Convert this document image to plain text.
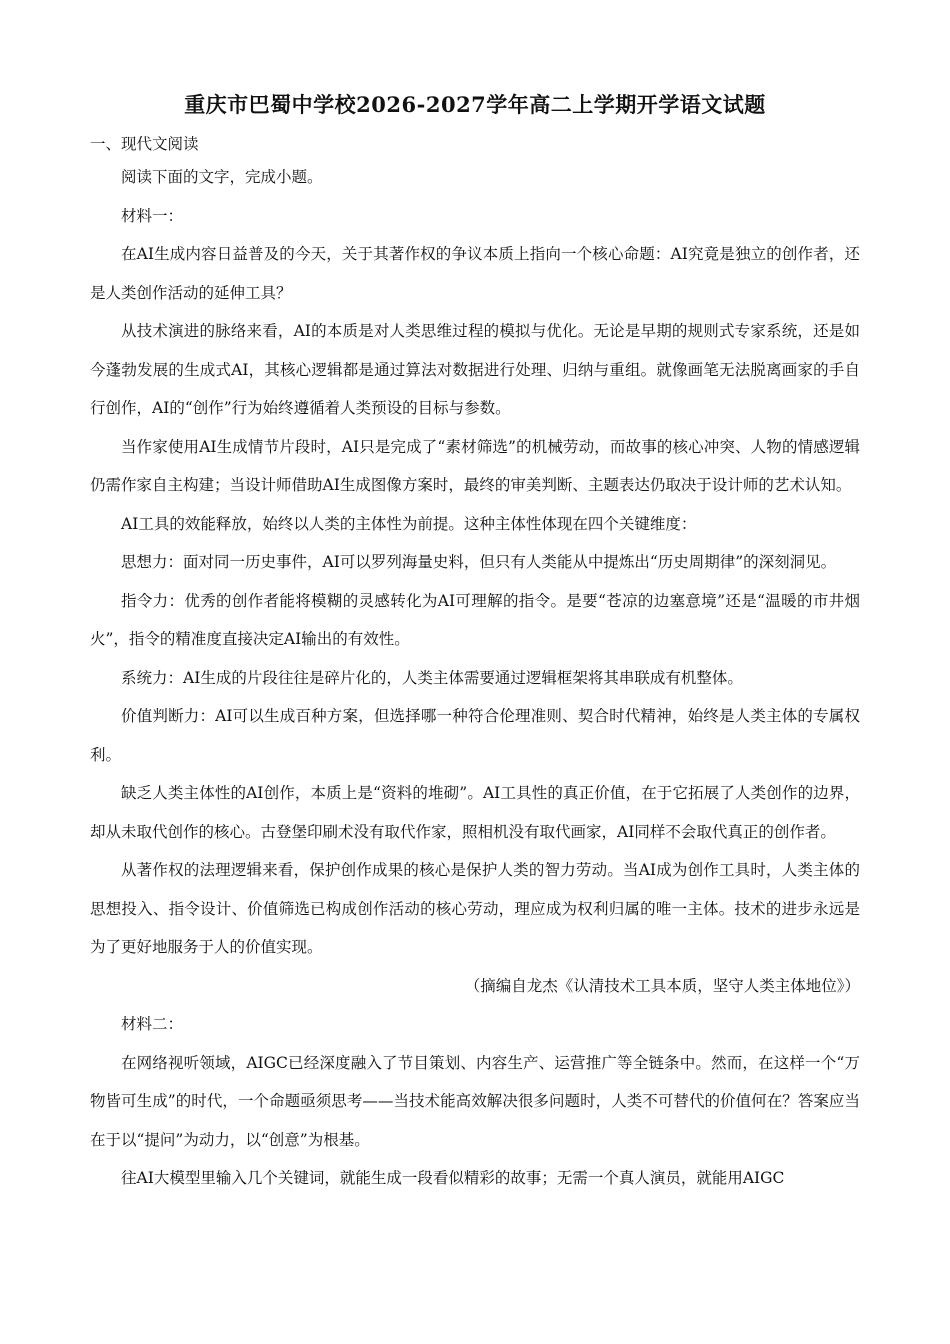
重庆市巴蜀中学校2026-2027学年高二上学期开学语文试题
一、现代文阅读

阅读下面的文字，完成小题。

材料一：

在AI生成内容日益普及的今天，关于其著作权的争议本质上指向一个核心命题：AI究竟是独立的创作者，还是人类创作活动的延伸工具？

从技术演进的脉络来看，AI的本质是对人类思维过程的模拟与优化。无论是早期的规则式专家系统，还是如今蓬勃发展的生成式AI，其核心逻辑都是通过算法对数据进行处理、归纳与重组。就像画笔无法脱离画家的手自行创作，AI的“创作”行为始终遵循着人类预设的目标与参数。

当作家使用AI生成情节片段时，AI只是完成了“素材筛选”的机械劳动，而故事的核心冲突、人物的情感逻辑仍需作家自主构建；当设计师借助AI生成图像方案时，最终的审美判断、主题表达仍取决于设计师的艺术认知。

AI工具的效能释放，始终以人类的主体性为前提。这种主体性体现在四个关键维度：

思想力：面对同一历史事件，AI可以罗列海量史料，但只有人类能从中提炼出“历史周期律”的深刻洞见。

指令力：优秀的创作者能将模糊的灵感转化为AI可理解的指令。是要“苍凉的边塞意境”还是“温暖的市井烟火”，指令的精准度直接决定AI输出的有效性。

系统力：AI生成的片段往往是碎片化的，人类主体需要通过逻辑框架将其串联成有机整体。

价值判断力：AI可以生成百种方案，但选择哪一种符合伦理准则、契合时代精神，始终是人类主体的专属权利。

缺乏人类主体性的AI创作，本质上是“资料的堆砌”。AI工具性的真正价值，在于它拓展了人类创作的边界，却从未取代创作的核心。古登堡印刷术没有取代作家，照相机没有取代画家，AI同样不会取代真正的创作者。

从著作权的法理逻辑来看，保护创作成果的核心是保护人类的智力劳动。当AI成为创作工具时，人类主体的思想投入、指令设计、价值筛选已构成创作活动的核心劳动，理应成为权利归属的唯一主体。技术的进步永远是为了更好地服务于人的价值实现。

（摘编自龙杰《认清技术工具本质，坚守人类主体地位》）

材料二：

在网络视听领域，AIGC已经深度融入了节目策划、内容生产、运营推广等全链条中。然而，在这样一个“万物皆可生成”的时代，一个命题亟须思考——当技术能高效解决很多问题时，人类不可替代的价值何在？答案应当在于以“提问”为动力，以“创意”为根基。

往AI大模型里输入几个关键词，就能生成一段看似精彩的故事；无需一个真人演员，就能用AIGC
